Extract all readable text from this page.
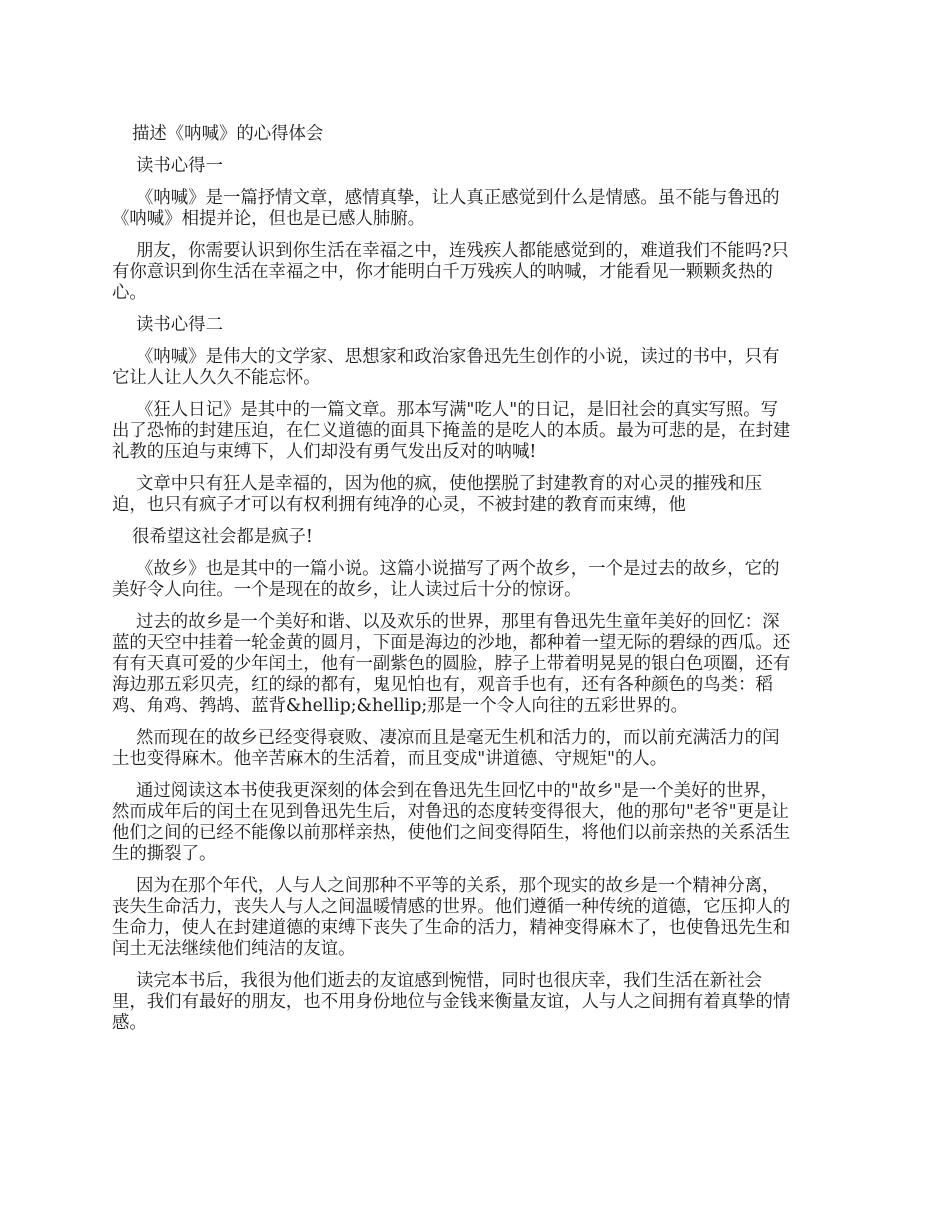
描述《呐喊》的心得体会
读书心得一
《呐喊》是一篇抒情文章，感情真挚，让人真正感觉到什么是情感。虽不能与鲁迅的
《呐喊》相提并论，但也是已感人肺腑。
朋友，你需要认识到你生活在幸福之中，连残疾人都能感觉到的，难道我们不能吗?只
有你意识到你生活在幸福之中，你才能明白千万残疾人的呐喊，才能看见一颗颗炙热的
心。
读书心得二
《呐喊》是伟大的文学家、思想家和政治家鲁迅先生创作的小说，读过的书中，只有
它让人让人久久不能忘怀。
《狂人日记》是其中的一篇文章。那本写满"吃人"的日记，是旧社会的真实写照。写
出了恐怖的封建压迫，在仁义道德的面具下掩盖的是吃人的本质。最为可悲的是，在封建
礼教的压迫与束缚下，人们却没有勇气发出反对的呐喊!
文章中只有狂人是幸福的，因为他的疯，使他摆脱了封建教育的对心灵的摧残和压
迫，也只有疯子才可以有权利拥有纯净的心灵，不被封建的教育而束缚，他
很希望这社会都是疯子!
《故乡》也是其中的一篇小说。这篇小说描写了两个故乡，一个是过去的故乡，它的
美好令人向往。一个是现在的故乡，让人读过后十分的惊讶。
过去的故乡是一个美好和谐、以及欢乐的世界，那里有鲁迅先生童年美好的回忆：深
蓝的天空中挂着一轮金黄的圆月，下面是海边的沙地，都种着一望无际的碧绿的西瓜。还
有有天真可爱的少年闰土，他有一副紫色的圆脸，脖子上带着明晃晃的银白色项圈，还有
海边那五彩贝壳，红的绿的都有，鬼见怕也有，观音手也有，还有各种颜色的鸟类：稻
鸡、角鸡、鹁鸪、蓝背&hellip;&hellip;那是一个令人向往的五彩世界的。
然而现在的故乡已经变得衰败、凄凉而且是毫无生机和活力的，而以前充满活力的闰
土也变得麻木。他辛苦麻木的生活着，而且变成"讲道德、守规矩"的人。
通过阅读这本书使我更深刻的体会到在鲁迅先生回忆中的"故乡"是一个美好的世界，
然而成年后的闰土在见到鲁迅先生后，对鲁迅的态度转变得很大，他的那句"老爷"更是让
他们之间的已经不能像以前那样亲热，使他们之间变得陌生，将他们以前亲热的关系活生
生的撕裂了。
因为在那个年代，人与人之间那种不平等的关系，那个现实的故乡是一个精神分离，
丧失生命活力，丧失人与人之间温暖情感的世界。他们遵循一种传统的道德，它压抑人的
生命力，使人在封建道德的束缚下丧失了生命的活力，精神变得麻木了，也使鲁迅先生和
闰土无法继续他们纯洁的友谊。
读完本书后，我很为他们逝去的友谊感到惋惜，同时也很庆幸，我们生活在新社会
里，我们有最好的朋友，也不用身份地位与金钱来衡量友谊，人与人之间拥有着真挚的情
感。
